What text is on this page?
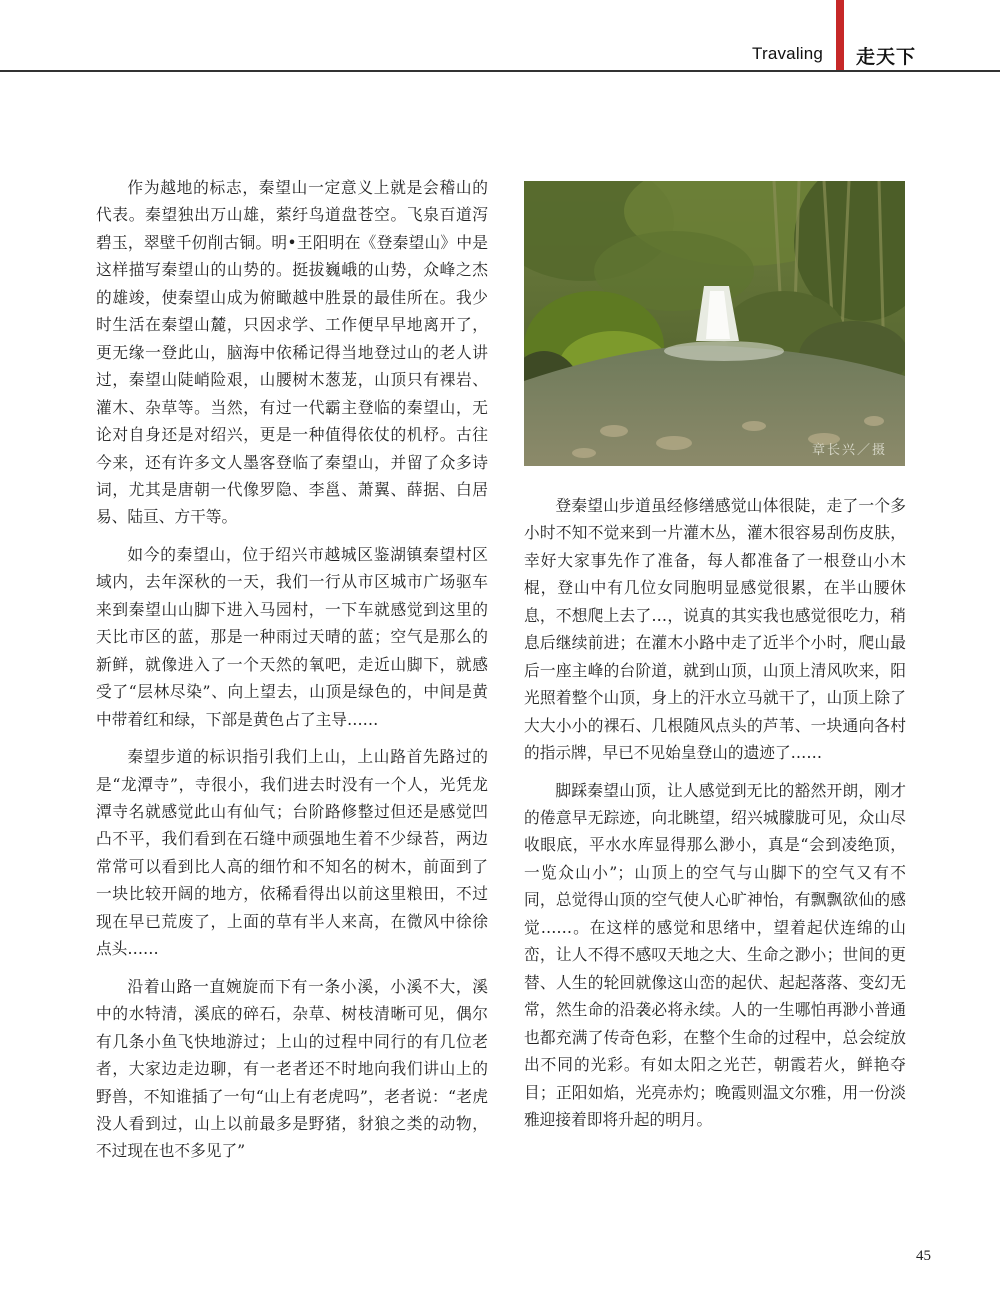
Travaling 走天下

作为越地的标志，秦望山一定意义上就是会稽山的代表。秦望独出万山雄，萦纡鸟道盘苍空。飞泉百道泻碧玉，翠壁千仞削古铜。明•王阳明在《登秦望山》中是这样描写秦望山的山势的。挺拔巍峨的山势，众峰之杰的雄竣，使秦望山成为俯瞰越中胜景的最佳所在。我少时生活在秦望山麓，只因求学、工作便早早地离开了，更无缘一登此山，脑海中依稀记得当地登过山的老人讲过，秦望山陡峭险艰，山腰树木葱茏，山顶只有裸岩、灌木、杂草等。当然，有过一代霸主登临的秦望山，无论对自身还是对绍兴，更是一种值得依仗的机杼。古往今来，还有许多文人墨客登临了秦望山，并留了众多诗词，尤其是唐朝一代像罗隐、李邕、萧翼、薛据、白居易、陆亘、方干等。

如今的秦望山，位于绍兴市越城区鉴湖镇秦望村区域内，去年深秋的一天，我们一行从市区城市广场驱车来到秦望山山脚下进入马园村，一下车就感觉到这里的天比市区的蓝，那是一种雨过天晴的蓝；空气是那么的新鲜，就像进入了一个天然的氧吧，走近山脚下，就感受了“层林尽染”、向上望去，山顶是绿色的，中间是黄中带着红和绿，下部是黄色占了主导……

秦望步道的标识指引我们上山，上山路首先路过的是“龙潭寺”，寺很小，我们进去时没有一个人，光凭龙潭寺名就感觉此山有仙气；台阶路修整过但还是感觉凹凸不平，我们看到在石缝中顽强地生着不少绿苔，两边常常可以看到比人高的细竹和不知名的树木，前面到了一块比较开阔的地方，依稀看得出以前这里粮田，不过现在早已荒废了，上面的草有半人来高，在微风中徐徐点头……

沿着山路一直婉旋而下有一条小溪，小溪不大，溪中的水特清，溪底的碎石，杂草、树枝清晰可见，偶尔有几条小鱼飞快地游过；上山的过程中同行的有几位老者，大家边走边聊，有一老者还不时地向我们讲山上的野兽，不知谁插了一句“山上有老虎吗”，老者说：“老虎没人看到过，山上以前最多是野猪，豺狼之类的动物，不过现在也不多见了”

章长兴／摄

登秦望山步道虽经修缮感觉山体很陡，走了一个多小时不知不觉来到一片灌木丛，灌木很容易刮伤皮肤，幸好大家事先作了准备，每人都准备了一根登山小木棍，登山中有几位女同胞明显感觉很累，在半山腰休息，不想爬上去了…，说真的其实我也感觉很吃力，稍息后继续前进；在灌木小路中走了近半个小时，爬山最后一座主峰的台阶道，就到山顶，山顶上清风吹来，阳光照着整个山顶，身上的汗水立马就干了，山顶上除了大大小小的裸石、几根随风点头的芦苇、一块通向各村的指示牌，早已不见始皇登山的遗迹了……

脚踩秦望山顶，让人感觉到无比的豁然开朗，刚才的倦意早无踪迹，向北眺望，绍兴城朦胧可见，众山尽收眼底，平水水库显得那么渺小，真是“会到凌绝顶，一览众山小”；山顶上的空气与山脚下的空气又有不同，总觉得山顶的空气使人心旷神怡，有飘飘欲仙的感觉……。在这样的感觉和思绪中，望着起伏连绵的山峦，让人不得不感叹天地之大、生命之渺小；世间的更替、人生的轮回就像这山峦的起伏、起起落落、变幻无常，然生命的沿袭必将永续。人的一生哪怕再渺小普通也都充满了传奇色彩，在整个生命的过程中，总会绽放出不同的光彩。有如太阳之光芒，朝霞若火，鲜艳夺目；正阳如焰，光亮赤灼；晚霞则温文尔雅，用一份淡雅迎接着即将升起的明月。

45
